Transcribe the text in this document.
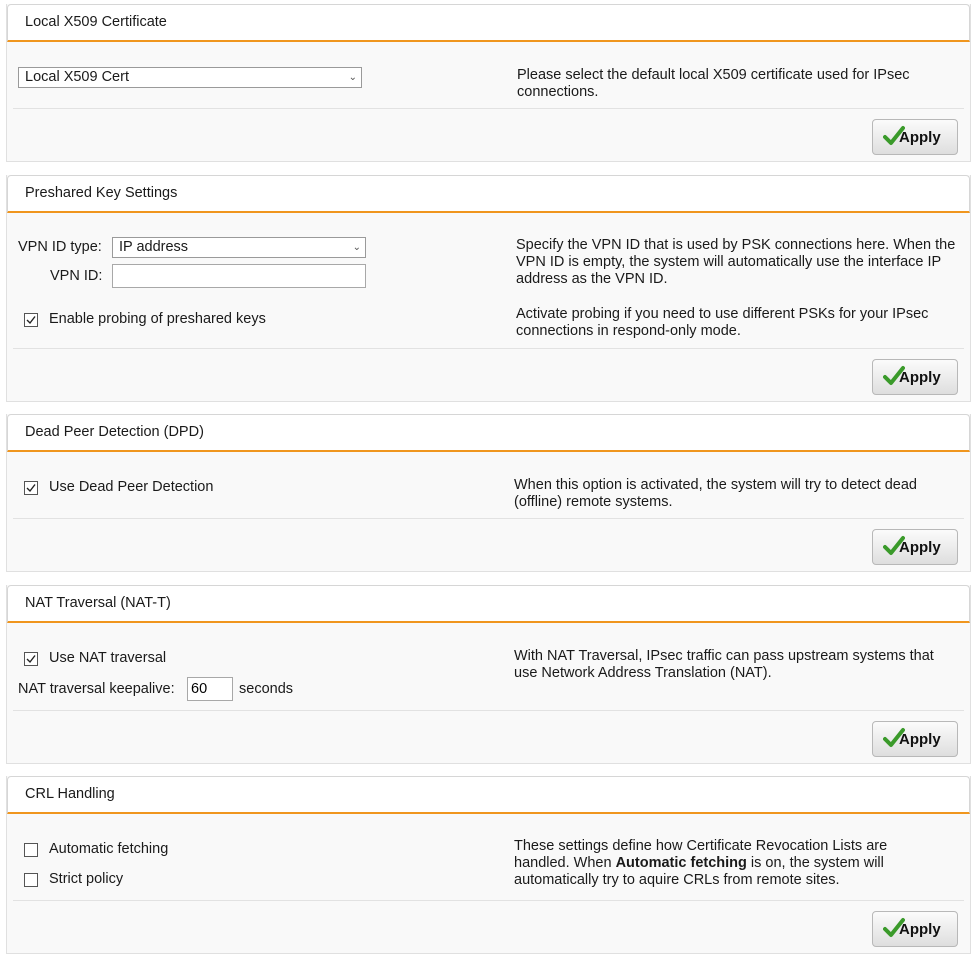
Local X509 Certificate
Local X509 Cert	⌄	Please select the default local X509 certificate used for IPsec connections.
Apply
Preshared Key Settings
VPN ID type:	IP address	⌄
VPN ID:
Enable probing of preshared keys
Specify the VPN ID that is used by PSK connections here. When the VPN ID is empty, the system will automatically use the interface IP address as the VPN ID.
Activate probing if you need to use different PSKs for your IPsec connections in respond-only mode.
Apply
Dead Peer Detection (DPD)
Use Dead Peer Detection	When this option is activated, the system will try to detect dead (offline) remote systems.
Apply
NAT Traversal (NAT-T)
Use NAT traversal
NAT traversal keepalive:
60	seconds
With NAT Traversal, IPsec traffic can pass upstream systems that use Network Address Translation (NAT).
Apply
CRL Handling
Automatic fetching
Strict policy
These settings define how Certificate Revocation Lists are handled. When Automatic fetching is on, the system will automatically try to aquire CRLs from remote sites.
Apply
